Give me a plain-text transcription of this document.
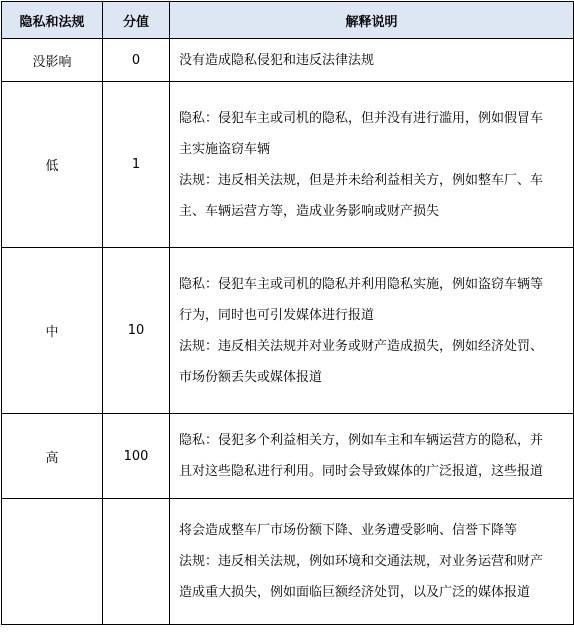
隐私和法规	分值	解释说明
没影响	0	没有造成隐私侵犯和违反法律法规

低	1	隐私：侵犯车主或司机的隐私，但并没有进行滥用，例如假冒车
主实施盗窃车辆
法规：违反相关法规，但是并未给利益相关方，例如整车厂、车
主、车辆运营方等，造成业务影响或财产损失

中	10	隐私：侵犯车主或司机的隐私并利用隐私实施，例如盗窃车辆等
行为，同时也可引发媒体进行报道
法规：违反相关法规并对业务或财产造成损失，例如经济处罚、
市场份额丢失或媒体报道

高	100	隐私：侵犯多个利益相关方，例如车主和车辆运营方的隐私，并
且对这些隐私进行利用。同时会导致媒体的广泛报道，这些报道

		将会造成整车厂市场份额下降、业务遭受影响、信誉下降等
法规：违反相关法规，例如环境和交通法规，对业务运营和财产
造成重大损失，例如面临巨额经济处罚，以及广泛的媒体报道
